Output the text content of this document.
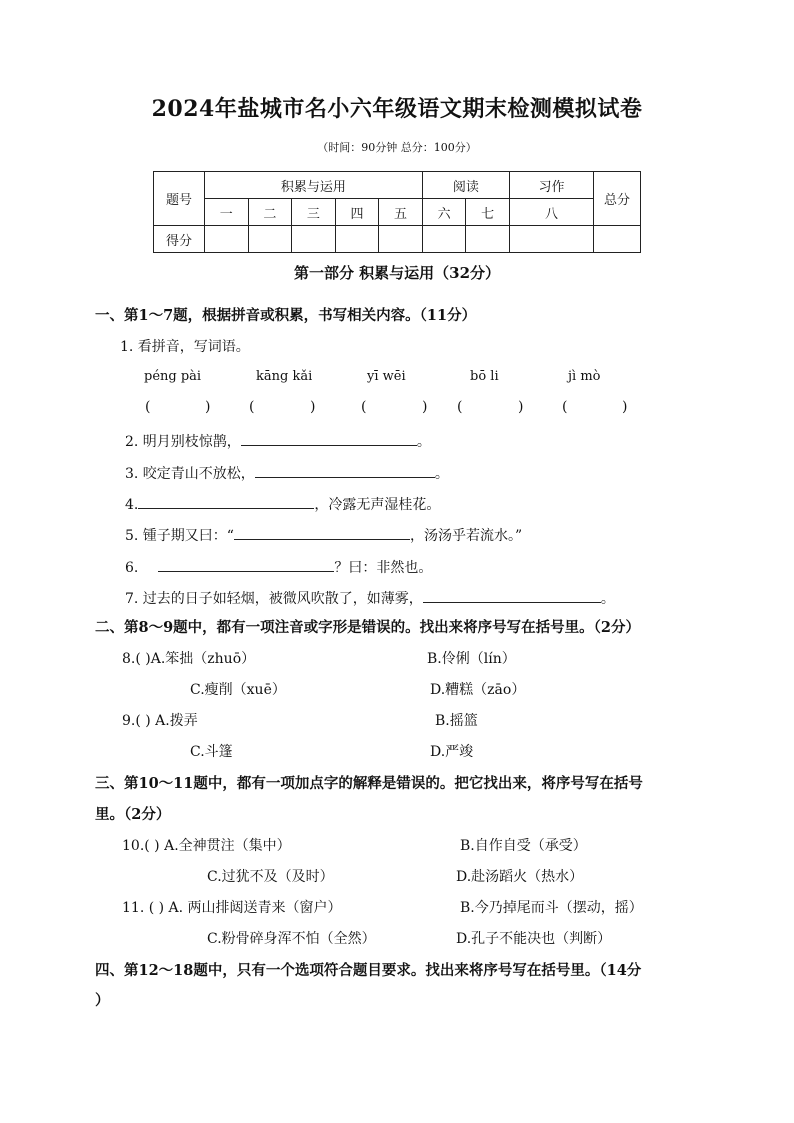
2024年盐城市名小六年级语文期末检测模拟试卷
（时间：90分钟 总分：100分）
题号	积累与运用					阅读		习作	总分
	一	二	三	四	五	六	七	八	
得分									
第一部分 积累与运用（32分）
一、第1～7题，根据拼音或积累，书写相关内容。（11分）
1. 看拼音，写词语。
péng pài	kāng kǎi	yī wēi	bō li	jì mò
(	)	(	)	(	) (	)	(	)
2. 明月别枝惊鹊，	。
3. 咬定青山不放松，	。
4.	，冷露无声湿桂花。
5. 锺子期又曰：“	，汤汤乎若流水。”
6.	？曰：非然也。
7. 过去的日子如轻烟，被微风吹散了，如薄雾，	。
二、第8～9题中，都有一项注音或字形是错误的。找出来将序号写在括号里。（2分）
8.( )A.笨拙（zhuō）	B.伶俐（lín）
C.瘦削（xuē）	D.糟糕（zāo）
9.( ) A.拨弄	B.摇篮
C.斗篷	D.严竣
三、第10～11题中，都有一项加点字的解释是错误的。把它找出来，将序号写在括号
里。（2分）
10.( ) A.全神贯注（集中）	B.自作自受（承受）
C.过犹不及（及时）	D.赴汤蹈火（热水）
11. ( ) A. 两山排闼送青来（窗户）	B.今乃掉尾而斗（摆动，摇）
C.粉骨碎身浑不怕（全然）	D.孔子不能决也（判断）
四、第12～18题中，只有一个选项符合题目要求。找出来将序号写在括号里。（14分
）
